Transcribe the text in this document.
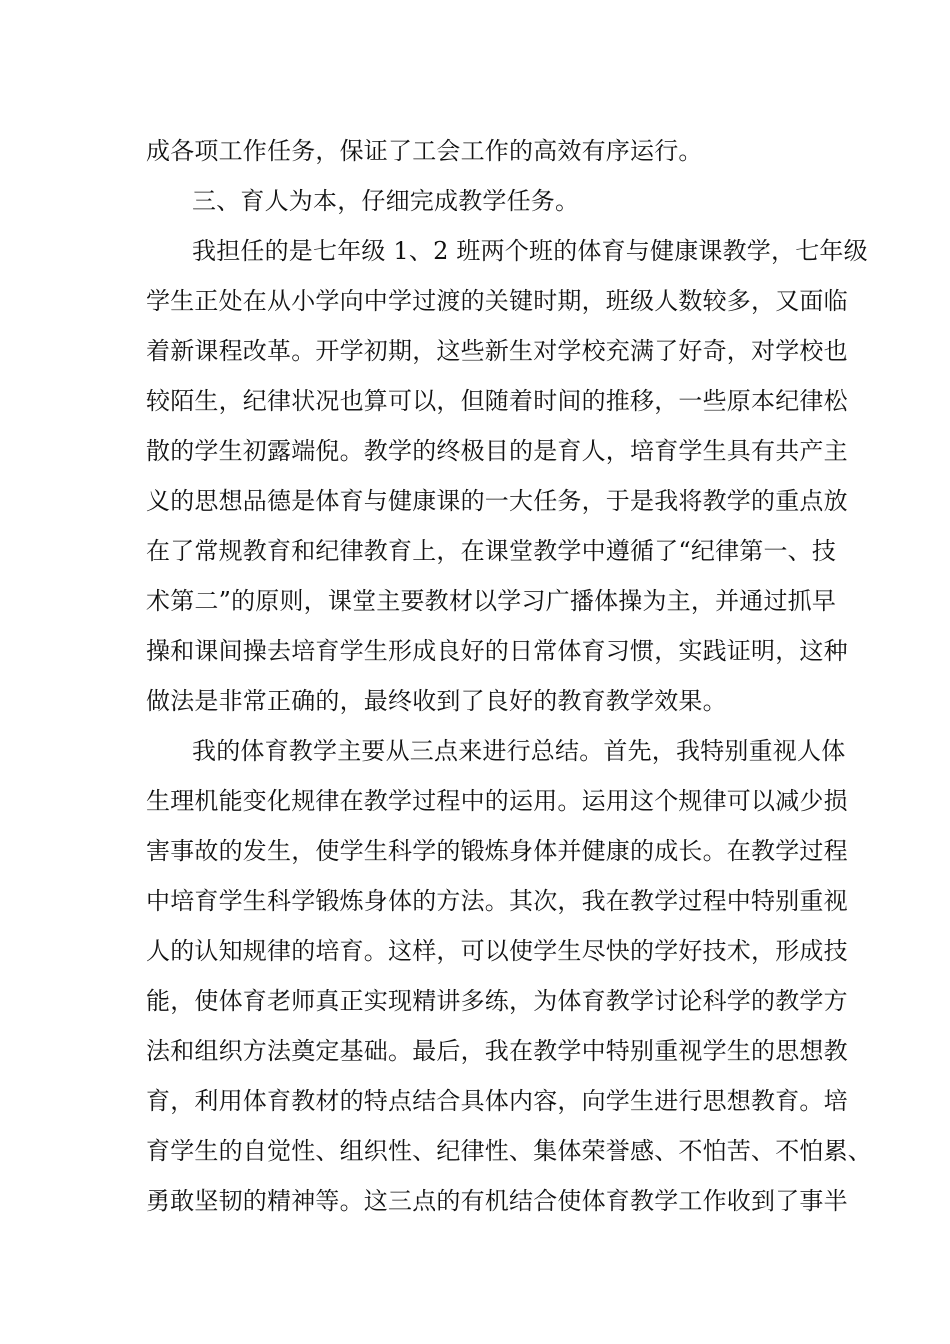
成各项工作任务，保证了工会工作的高效有序运行。
三、育人为本，仔细完成教学任务。
我担任的是七年级 1、2 班两个班的体育与健康课教学，七年级
学生正处在从小学向中学过渡的关键时期，班级人数较多，又面临
着新课程改革。开学初期，这些新生对学校充满了好奇，对学校也
较陌生，纪律状况也算可以，但随着时间的推移，一些原本纪律松
散的学生初露端倪。教学的终极目的是育人，培育学生具有共产主
义的思想品德是体育与健康课的一大任务，于是我将教学的重点放
在了常规教育和纪律教育上，在课堂教学中遵循了“纪律第一、技
术第二”的原则，课堂主要教材以学习广播体操为主，并通过抓早
操和课间操去培育学生形成良好的日常体育习惯，实践证明，这种
做法是非常正确的，最终收到了良好的教育教学效果。
我的体育教学主要从三点来进行总结。首先，我特别重视人体
生理机能变化规律在教学过程中的运用。运用这个规律可以减少损
害事故的发生，使学生科学的锻炼身体并健康的成长。在教学过程
中培育学生科学锻炼身体的方法。其次，我在教学过程中特别重视
人的认知规律的培育。这样，可以使学生尽快的学好技术，形成技
能，使体育老师真正实现精讲多练，为体育教学讨论科学的教学方
法和组织方法奠定基础。最后，我在教学中特别重视学生的思想教
育，利用体育教材的特点结合具体内容，向学生进行思想教育。培
育学生的自觉性、组织性、纪律性、集体荣誉感、不怕苦、不怕累、
勇敢坚韧的精神等。这三点的有机结合使体育教学工作收到了事半
